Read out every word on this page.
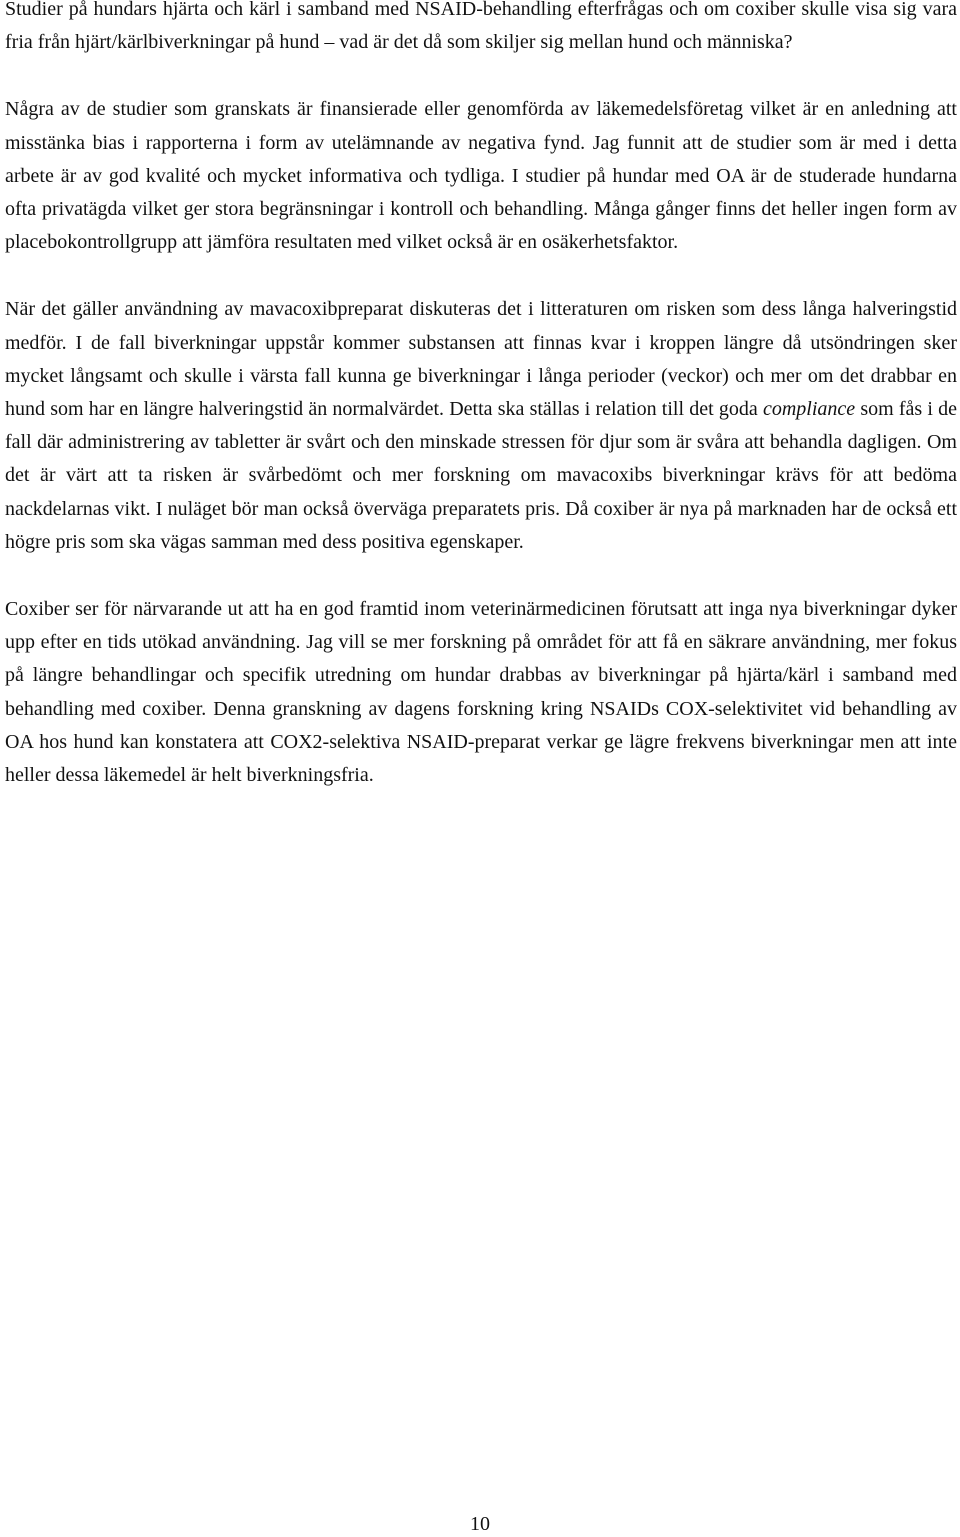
Studier på hundars hjärta och kärl i samband med NSAID-behandling efterfrågas och om coxiber skulle visa sig vara fria från hjärt/kärlbiverkningar på hund – vad är det då som skiljer sig mellan hund och människa?

Några av de studier som granskats är finansierade eller genomförda av läkemedelsföretag vilket är en anledning att misstänka bias i rapporterna i form av utelämnande av negativa fynd. Jag funnit att de studier som är med i detta arbete är av god kvalité och mycket informativa och tydliga. I studier på hundar med OA är de studerade hundarna ofta privatägda vilket ger stora begränsningar i kontroll och behandling. Många gånger finns det heller ingen form av placebokontrollgrupp att jämföra resultaten med vilket också är en osäkerhetsfaktor.

När det gäller användning av mavacoxibpreparat diskuteras det i litteraturen om risken som dess långa halveringstid medför. I de fall biverkningar uppstår kommer substansen att finnas kvar i kroppen längre då utsöndringen sker mycket långsamt och skulle i värsta fall kunna ge biverkningar i långa perioder (veckor) och mer om det drabbar en hund som har en längre halveringstid än normalvärdet. Detta ska ställas i relation till det goda compliance som fås i de fall där administrering av tabletter är svårt och den minskade stressen för djur som är svåra att behandla dagligen. Om det är värt att ta risken är svårbedömt och mer forskning om mavacoxibs biverkningar krävs för att bedöma nackdelarnas vikt. I nuläget bör man också överväga preparatets pris. Då coxiber är nya på marknaden har de också ett högre pris som ska vägas samman med dess positiva egenskaper.

Coxiber ser för närvarande ut att ha en god framtid inom veterinärmedicinen förutsatt att inga nya biverkningar dyker upp efter en tids utökad användning. Jag vill se mer forskning på området för att få en säkrare användning, mer fokus på längre behandlingar och specifik utredning om hundar drabbas av biverkningar på hjärta/kärl i samband med behandling med coxiber. Denna granskning av dagens forskning kring NSAIDs COX-selektivitet vid behandling av OA hos hund kan konstatera att COX2-selektiva NSAID-preparat verkar ge lägre frekvens biverkningar men att inte heller dessa läkemedel är helt biverkningsfria.

10
